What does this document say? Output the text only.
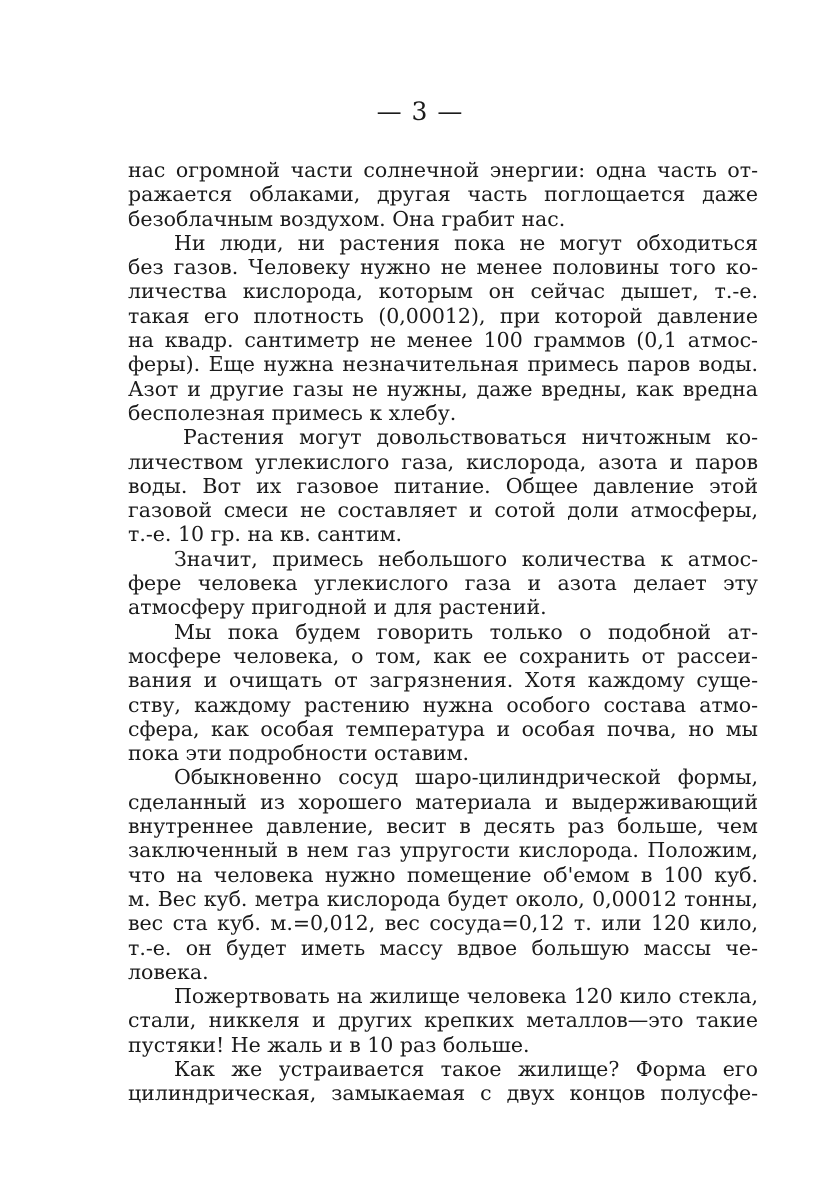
— 3 —
нас огромной части солнечной энергии: одна часть от-
ражается облаками, другая часть поглощается даже
безоблачным воздухом. Она грабит нас.
Ни люди, ни растения пока не могут обходиться
без газов. Человеку нужно не менее половины того ко-
личества кислорода, которым он сейчас дышет, т.-е.
такая его плотность (0,00012), при которой давление
на квадр. сантиметр не менее 100 граммов (0,1 атмос-
феры). Еще нужна незначительная примесь паров воды.
Азот и другие газы не нужны, даже вредны, как вредна
бесполезная примесь к хлебу.
Растения могут довольствоваться ничтожным ко-
личеством углекислого газа, кислорода, азота и паров
воды. Вот их газовое питание. Общее давление этой
газовой смеси не составляет и сотой доли атмосферы,
т.-е. 10 гр. на кв. сантим.
Значит, примесь небольшого количества к атмос-
фере человека углекислого газа и азота делает эту
атмосферу пригодной и для растений.
Мы пока будем говорить только о подобной ат-
мосфере человека, о том, как ее сохранить от рассеи-
вания и очищать от загрязнения. Хотя каждому суще-
ству, каждому растению нужна особого состава атмо-
сфера, как особая температура и особая почва, но мы
пока эти подробности оставим.
Обыкновенно сосуд шаро-цилиндрической формы,
сделанный из хорошего материала и выдерживающий
внутреннее давление, весит в десять раз больше, чем
заключенный в нем газ упругости кислорода. Положим,
что на человека нужно помещение об'емом в 100 куб.
м. Вес куб. метра кислорода будет около, 0,00012 тонны,
вес ста куб. м.=0,012, вес сосуда=0,12 т. или 120 кило,
т.-е. он будет иметь массу вдвое большую массы че-
ловека.
Пожертвовать на жилище человека 120 кило стекла,
стали, никкеля и других крепких металлов—это такие
пустяки! Не жаль и в 10 раз больше.
Как же устраивается такое жилище? Форма его
цилиндрическая, замыкаемая с двух концов полусфе-
